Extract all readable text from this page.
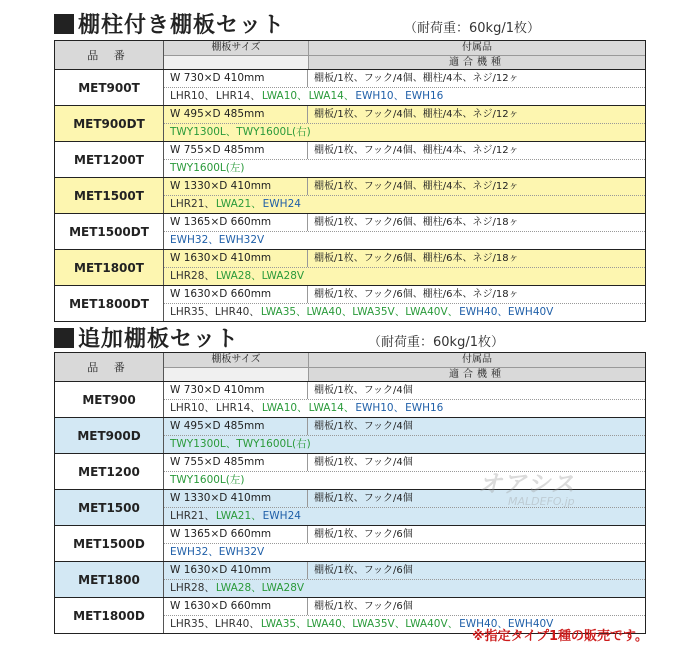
棚柱付き棚板セット	（耐荷重：60kg/1枚）
品 番
棚板サイズ	付属品
適合機種
MET900T
W 730×D 410mm	棚板/1枚、フック/4個、棚柱/4本、ネジ/12ヶ
LHR10、LHR14、LWA10、LWA14、EWH10、EWH16
MET900DT
W 495×D 485mm	棚板/1枚、フック/4個、棚柱/4本、ネジ/12ヶ
TWY1300L、TWY1600L(右)
MET1200T
W 755×D 485mm	棚板/1枚、フック/4個、棚柱/4本、ネジ/12ヶ
TWY1600L(左)
MET1500T
W 1330×D 410mm	棚板/1枚、フック/4個、棚柱/4本、ネジ/12ヶ
LHR21、LWA21、EWH24
MET1500DT
W 1365×D 660mm	棚板/1枚、フック/6個、棚柱/6本、ネジ/18ヶ
EWH32、EWH32V
MET1800T
W 1630×D 410mm	棚板/1枚、フック/6個、棚柱/6本、ネジ/18ヶ
LHR28、LWA28、LWA28V
MET1800DT
W 1630×D 660mm	棚板/1枚、フック/6個、棚柱/6本、ネジ/18ヶ
LHR35、LHR40、LWA35、LWA40、LWA35V、LWA40V、EWH40、EWH40V
追加棚板セット	（耐荷重：60kg/1枚）
品 番
棚板サイズ	付属品
適合機種
MET900
W 730×D 410mm	棚板/1枚、フック/4個
LHR10、LHR14、LWA10、LWA14、EWH10、EWH16
MET900D
W 495×D 485mm	棚板/1枚、フック/4個
TWY1300L、TWY1600L(右)
MET1200
W 755×D 485mm	棚板/1枚、フック/4個
TWY1600L(左)
MET1500
W 1330×D 410mm	棚板/1枚、フック/4個
LHR21、LWA21、EWH24
MET1500D
W 1365×D 660mm	棚板/1枚、フック/6個
EWH32、EWH32V
MET1800
W 1630×D 410mm	棚板/1枚、フック/6個
LHR28、LWA28、LWA28V
MET1800D
W 1630×D 660mm	棚板/1枚、フック/6個
LHR35、LHR40、LWA35、LWA40、LWA35V、LWA40V、EWH40、EWH40V
オアシス
MALDEFO.jp
※指定タイプ1種の販売です。
